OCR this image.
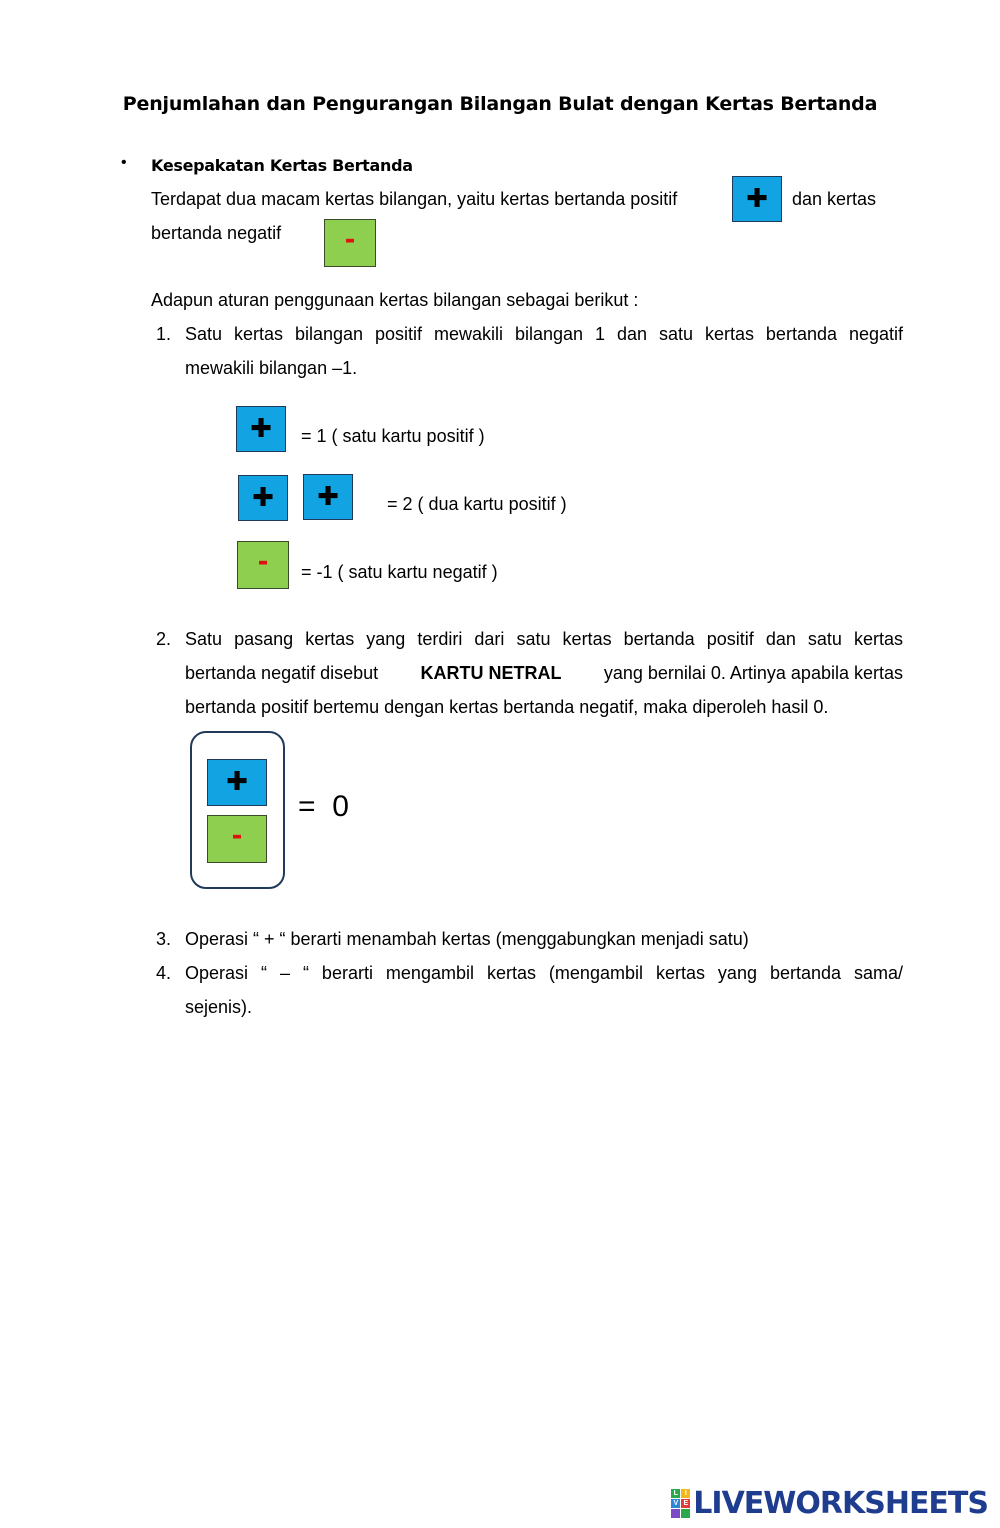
Penjumlahan dan Pengurangan Bilangan Bulat dengan Kertas Bertanda
• Kesepakatan Kertas Bertanda
Terdapat dua macam kertas bilangan, yaitu kertas bertanda positif	✚ dan kertas
bertanda negatif -
Adapun aturan penggunaan kertas bilangan sebagai berikut :
1. Satu kertas bilangan positif mewakili bilangan 1 dan satu kertas bertanda negatif
mewakili bilangan –1.
✚ = 1 ( satu kartu positif )
✚ ✚	= 2 ( dua kartu positif )
- = -1 ( satu kartu negatif )
2. Satu pasang kertas yang terdiri dari satu kertas bertanda positif dan satu kertas
bertanda negatif disebut KARTU NETRAL yang bernilai 0. Artinya apabila kertas
bertanda positif bertemu dengan kertas bertanda negatif, maka diperoleh hasil 0.
✚
-
=  0
3. Operasi “ + “ berarti menambah kertas (menggabungkan menjadi satu)
4. Operasi “ – “ berarti mengambil kertas (mengambil kertas yang bertanda sama/
sejenis).
L I
V E LIVEWORKSHEETS
